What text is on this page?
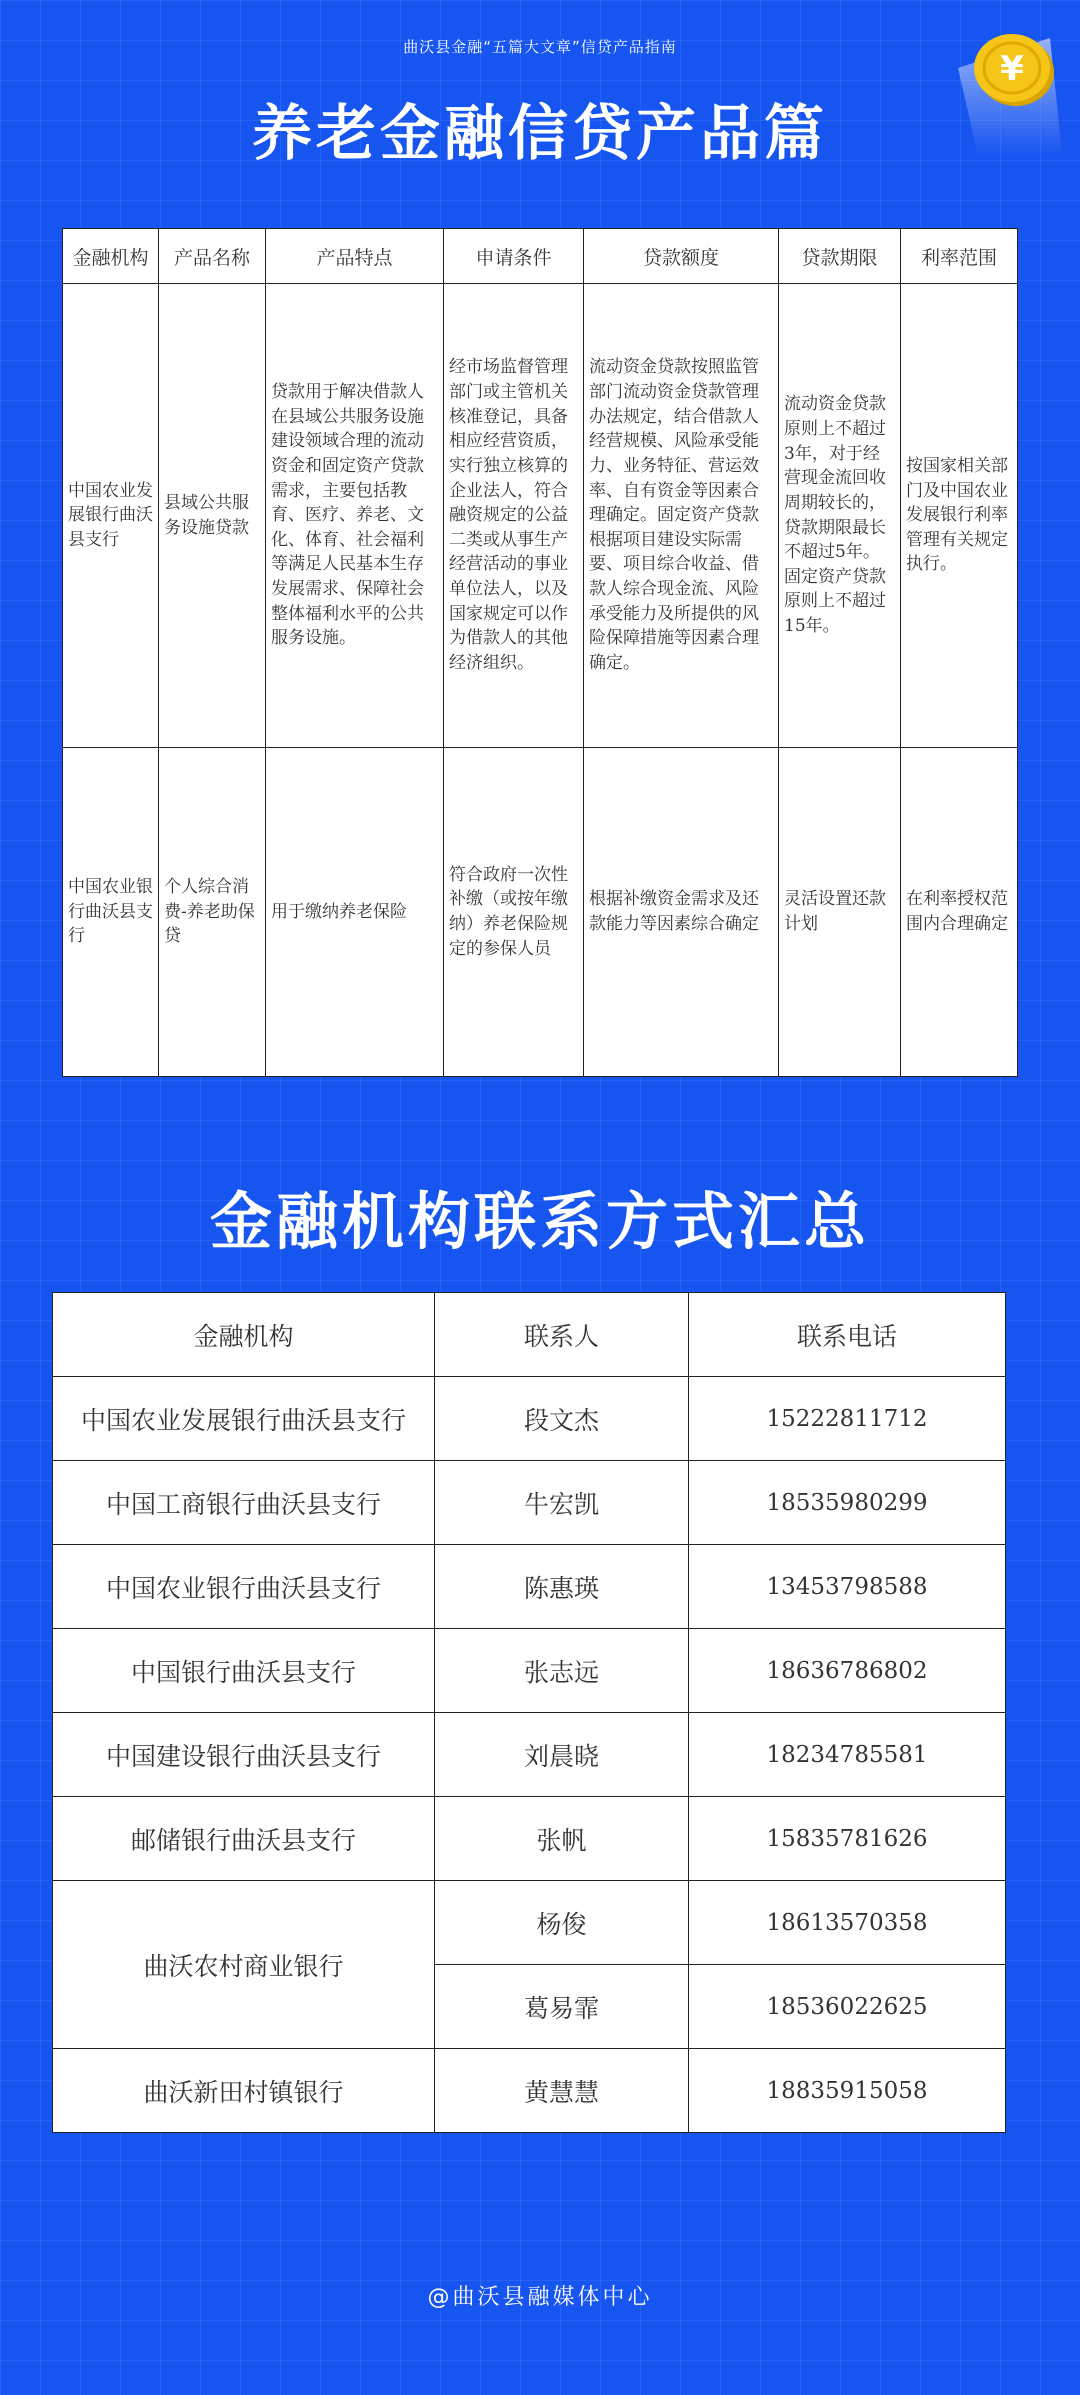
曲沃县金融“五篇大文章”信贷产品指南
¥
养老金融信贷产品篇
金融机构	产品名称	产品特点	申请条件	贷款额度	贷款期限	利率范围
中国农业发展银行曲沃县支行	县域公共服务设施贷款	贷款用于解决借款人在县域公共服务设施建设领域合理的流动资金和固定资产贷款需求，主要包括教育、医疗、养老、文化、体育、社会福利等满足人民基本生存发展需求、保障社会整体福利水平的公共服务设施。	经市场监督管理部门或主管机关核准登记，具备相应经营资质，实行独立核算的企业法人，符合融资规定的公益二类或从事生产经营活动的事业单位法人，以及国家规定可以作为借款人的其他经济组织。	流动资金贷款按照监管部门流动资金贷款管理办法规定，结合借款人经营规模、风险承受能力、业务特征、营运效率、自有资金等因素合理确定。固定资产贷款根据项目建设实际需要、项目综合收益、借款人综合现金流、风险承受能力及所提供的风险保障措施等因素合理确定。	流动资金贷款原则上不超过3年，对于经营现金流回收周期较长的，贷款期限最长不超过5年。固定资产贷款原则上不超过15年。	按国家相关部门及中国农业发展银行利率管理有关规定执行。
中国农业银行曲沃县支行	个人综合消费-养老助保贷	用于缴纳养老保险	符合政府一次性补缴（或按年缴纳）养老保险规定的参保人员	根据补缴资金需求及还款能力等因素综合确定	灵活设置还款计划	在利率授权范围内合理确定
金融机构联系方式汇总
金融机构	联系人	联系电话
中国农业发展银行曲沃县支行	段文杰	15222811712
中国工商银行曲沃县支行	牛宏凯	18535980299
中国农业银行曲沃县支行	陈惠瑛	13453798588
中国银行曲沃县支行	张志远	18636786802
中国建设银行曲沃县支行	刘晨晓	18234785581
邮储银行曲沃县支行	张帆	15835781626
曲沃农村商业银行	杨俊	18613570358
	葛易霏	18536022625
曲沃新田村镇银行	黄慧慧	18835915058
@曲沃县融媒体中心
